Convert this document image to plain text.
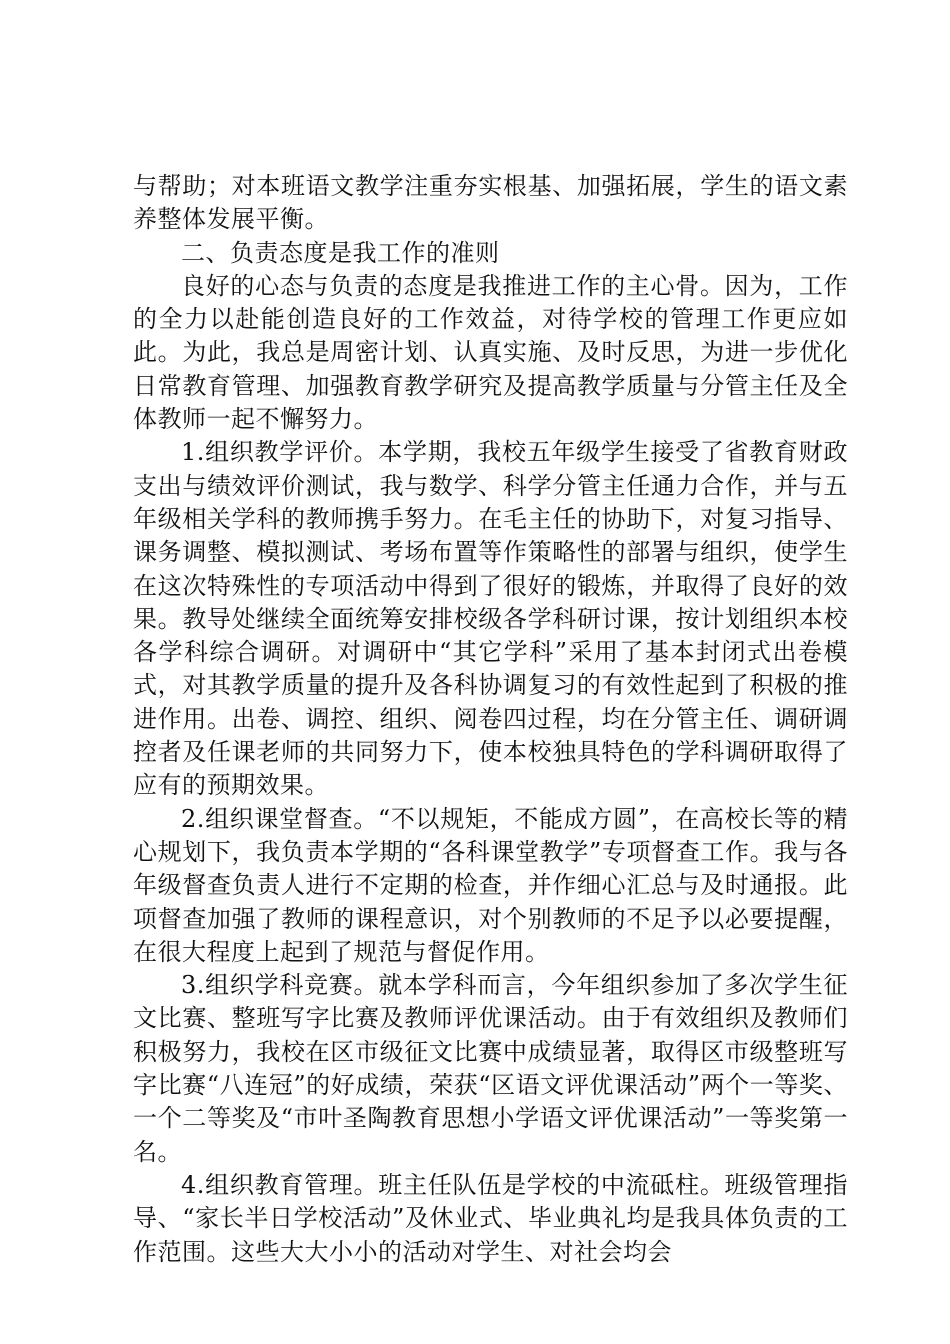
与帮助；对本班语文教学注重夯实根基、加强拓展，学生的语文素养整体发展平衡。

二、负责态度是我工作的准则

良好的心态与负责的态度是我推进工作的主心骨。因为，工作的全力以赴能创造良好的工作效益，对待学校的管理工作更应如此。为此，我总是周密计划、认真实施、及时反思，为进一步优化日常教育管理、加强教育教学研究及提高教学质量与分管主任及全体教师一起不懈努力。

1.组织教学评价。本学期，我校五年级学生接受了省教育财政支出与绩效评价测试，我与数学、科学分管主任通力合作，并与五年级相关学科的教师携手努力。在毛主任的协助下，对复习指导、课务调整、模拟测试、考场布置等作策略性的部署与组织，使学生在这次特殊性的专项活动中得到了很好的锻炼，并取得了良好的效果。教导处继续全面统筹安排校级各学科研讨课，按计划组织本校各学科综合调研。对调研中“其它学科”采用了基本封闭式出卷模式，对其教学质量的提升及各科协调复习的有效性起到了积极的推进作用。出卷、调控、组织、阅卷四过程，均在分管主任、调研调控者及任课老师的共同努力下，使本校独具特色的学科调研取得了应有的预期效果。

2.组织课堂督查。“不以规矩，不能成方圆”，在高校长等的精心规划下，我负责本学期的“各科课堂教学”专项督查工作。我与各年级督查负责人进行不定期的检查，并作细心汇总与及时通报。此项督查加强了教师的课程意识，对个别教师的不足予以必要提醒，在很大程度上起到了规范与督促作用。

3.组织学科竞赛。就本学科而言，今年组织参加了多次学生征文比赛、整班写字比赛及教师评优课活动。由于有效组织及教师们积极努力，我校在区市级征文比赛中成绩显著，取得区市级整班写字比赛“八连冠”的好成绩，荣获“区语文评优课活动”两个一等奖、一个二等奖及“市叶圣陶教育思想小学语文评优课活动”一等奖第一名。

4.组织教育管理。班主任队伍是学校的中流砥柱。班级管理指导、“家长半日学校活动”及休业式、毕业典礼均是我具体负责的工作范围。这些大大小小的活动对学生、对社会均会
